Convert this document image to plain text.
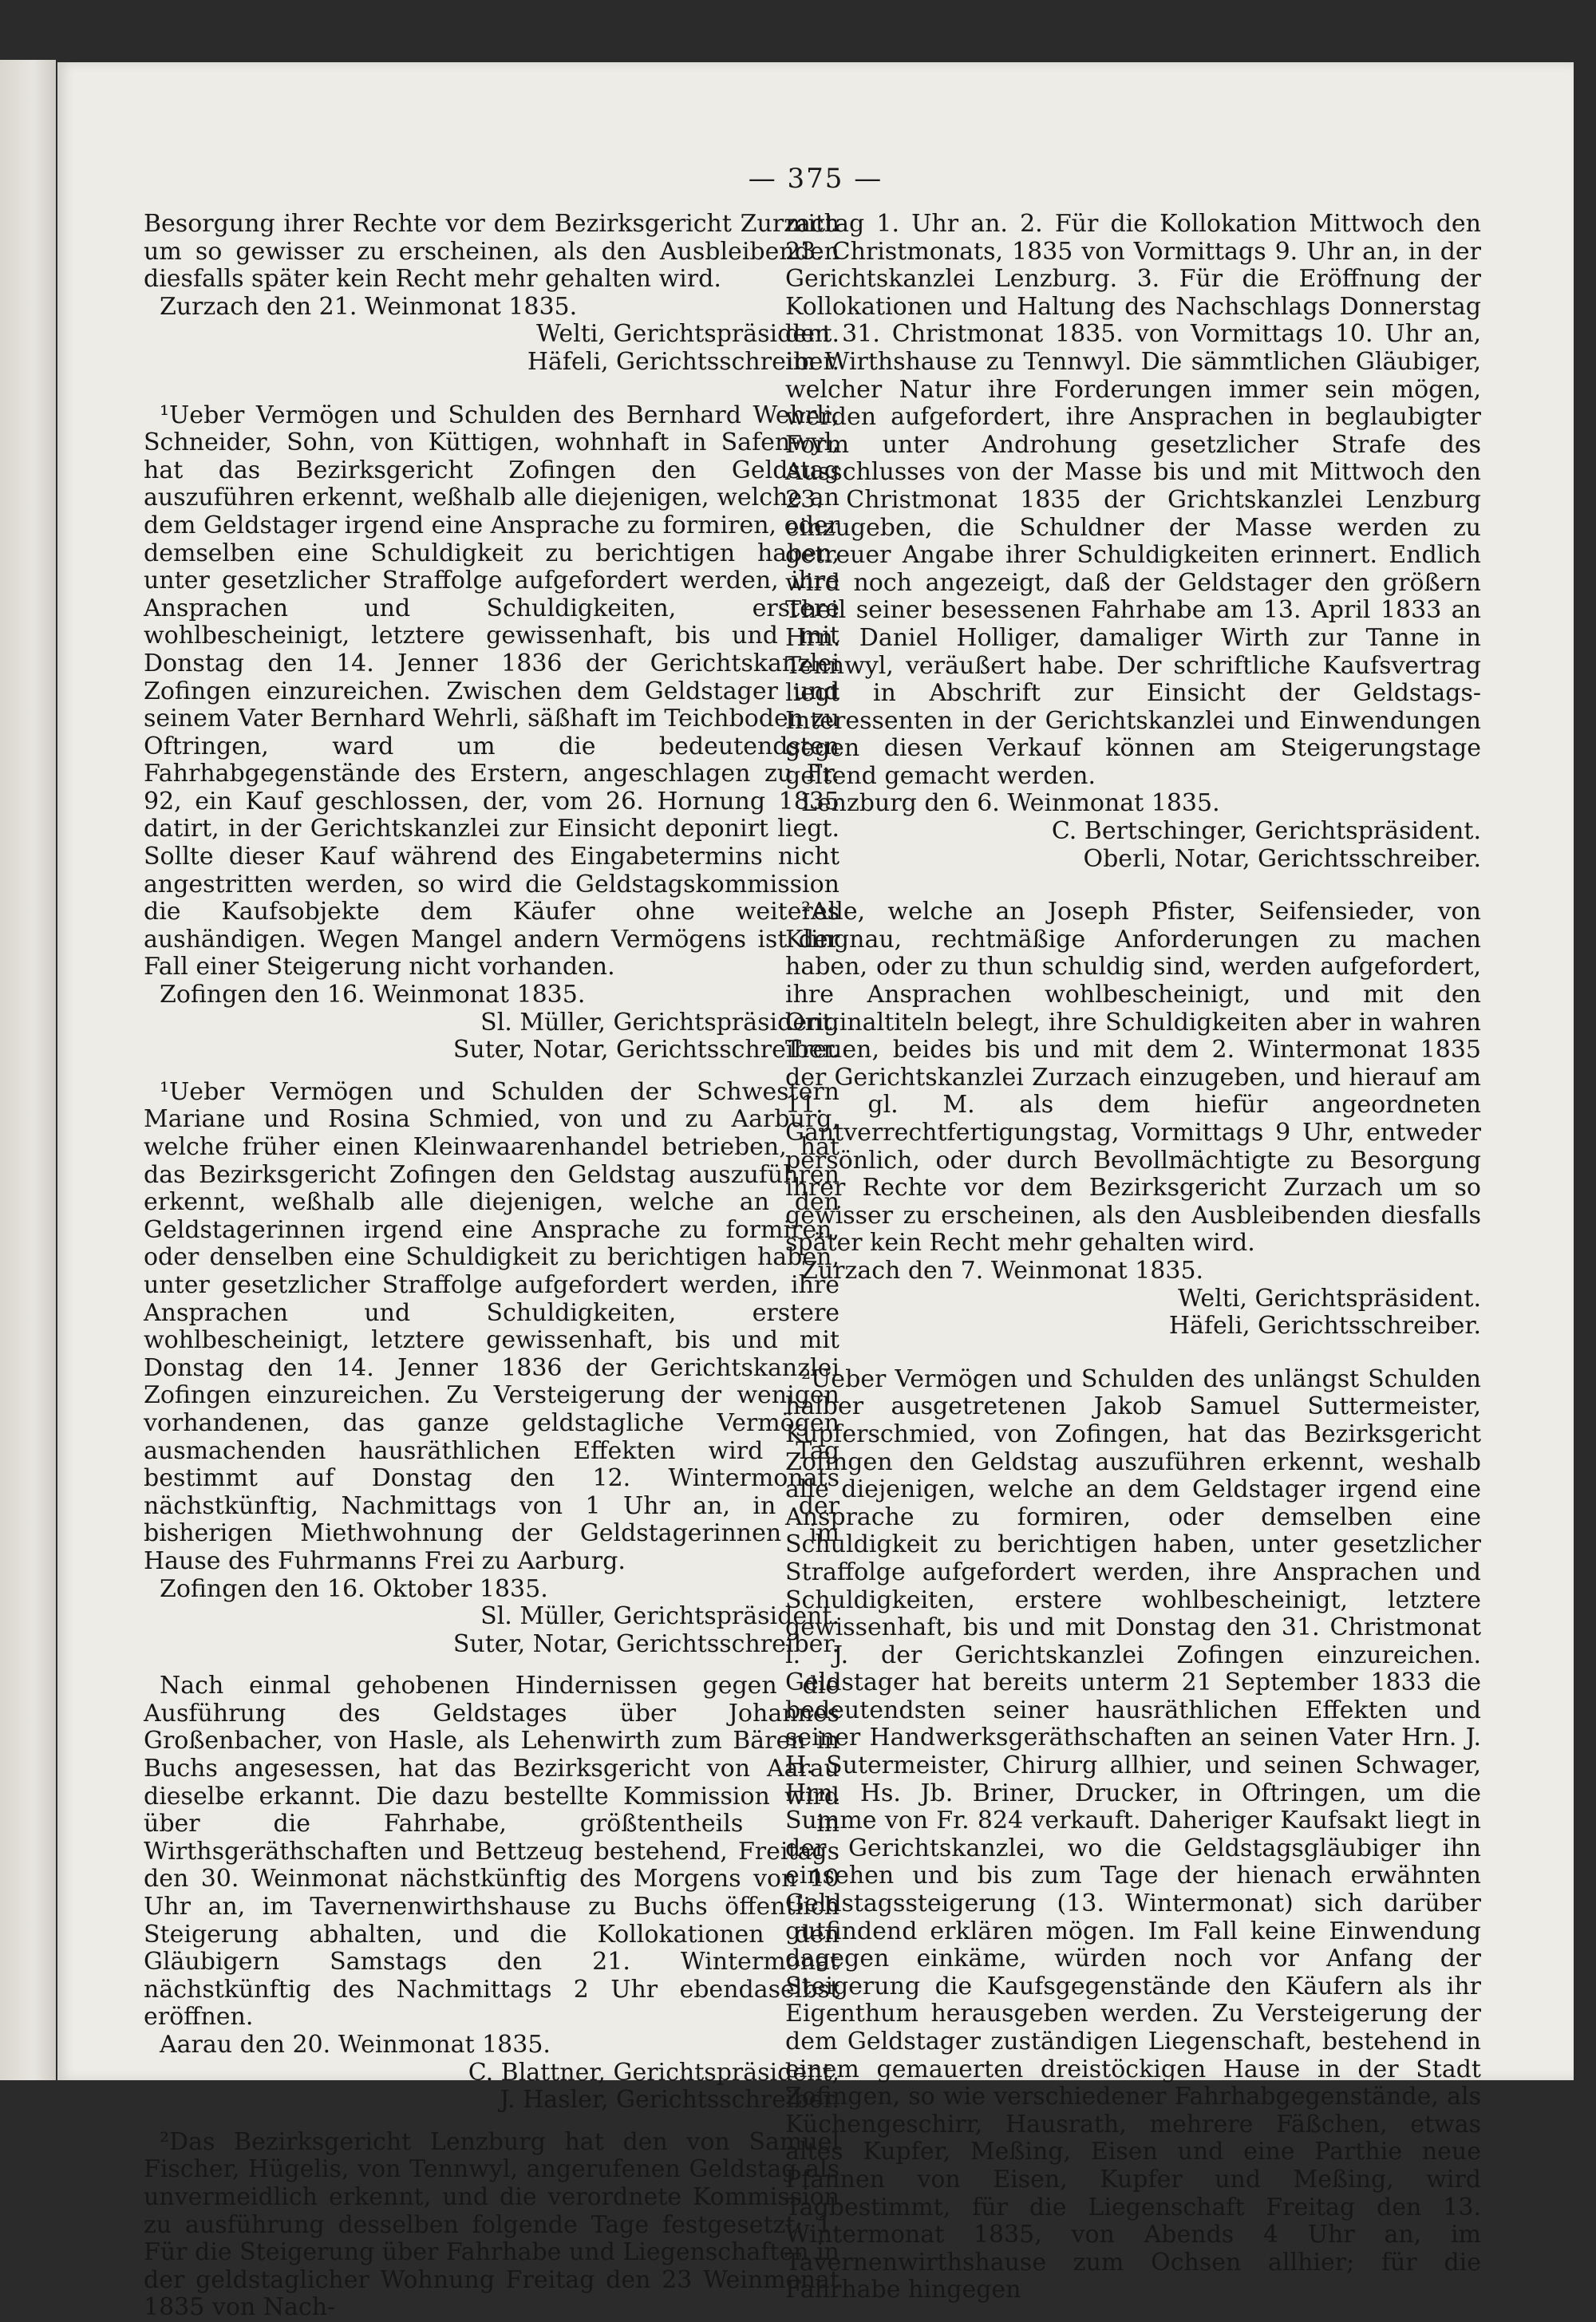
— 375 —

Besorgung ihrer Rechte vor dem Bezirksgericht Zurzach um so gewisser zu erscheinen, als den Ausbleibenden diesfalls später kein Recht mehr gehalten wird.

Zurzach den 21. Weinmonat 1835.

Welti, Gerichtspräsident.

Häfeli, Gerichtsschreiber.

¹Ueber Vermögen und Schulden des Bernhard Wehrli, Schneider, Sohn, von Küttigen, wohnhaft in Safenwyl, hat das Bezirksgericht Zofingen den Geldstag auszuführen erkennt, weßhalb alle diejenigen, welche an dem Geldstager irgend eine Ansprache zu formiren, oder demselben eine Schuldigkeit zu berichtigen haben, unter gesetzlicher Straffolge aufgefordert werden, ihre Ansprachen und Schuldigkeiten, erstere wohlbescheinigt, letztere gewissenhaft, bis und mit Donstag den 14. Jenner 1836 der Gerichtskanzlei Zofingen einzureichen. Zwischen dem Geldstager und seinem Vater Bernhard Wehrli, säßhaft im Teichboden zu Oftringen, ward um die bedeutendsten Fahrhabgegenstände des Erstern, angeschlagen zu Fr. 92, ein Kauf geschlossen, der, vom 26. Hornung 1835 datirt, in der Gerichtskanzlei zur Einsicht deponirt liegt. Sollte dieser Kauf während des Eingabetermins nicht angestritten werden, so wird die Geldstagskommission die Kaufsobjekte dem Käufer ohne weiteres aushändigen. Wegen Mangel andern Vermögens ist der Fall einer Steigerung nicht vorhanden.

Zofingen den 16. Weinmonat 1835.

Sl. Müller, Gerichtspräsident.

Suter, Notar, Gerichtsschreiber.

¹Ueber Vermögen und Schulden der Schwestern Mariane und Rosina Schmied, von und zu Aarburg, welche früher einen Kleinwaarenhandel betrieben, hat das Bezirksgericht Zofingen den Geldstag auszuführen erkennt, weßhalb alle diejenigen, welche an den Geldstagerinnen irgend eine Ansprache zu formiren, oder denselben eine Schuldigkeit zu berichtigen haben, unter gesetzlicher Straffolge aufgefordert werden, ihre Ansprachen und Schuldigkeiten, erstere wohlbescheinigt, letztere gewissenhaft, bis und mit Donstag den 14. Jenner 1836 der Gerichtskanzlei Zofingen einzureichen. Zu Versteigerung der wenigen vorhandenen, das ganze geldstagliche Vermögen ausmachenden hausräthlichen Effekten wird Tag bestimmt auf Donstag den 12. Wintermonats nächstkünftig, Nachmittags von 1 Uhr an, in der bisherigen Miethwohnung der Geldstagerinnen im Hause des Fuhrmanns Frei zu Aarburg.

Zofingen den 16. Oktober 1835.

Sl. Müller, Gerichtspräsident.

Suter, Notar, Gerichtsschreiber.

Nach einmal gehobenen Hindernissen gegen die Ausführung des Geldstages über Johannes Großenbacher, von Hasle, als Lehenwirth zum Bären in Buchs angesessen, hat das Bezirksgericht von Aarau dieselbe erkannt. Die dazu bestellte Kommission wird über die Fahrhabe, größtentheils in Wirthsgeräthschaften und Bettzeug bestehend, Freitags den 30. Weinmonat nächstkünftig des Morgens von 10 Uhr an, im Tavernenwirthshause zu Buchs öffentlich Steigerung abhalten, und die Kollokationen den Gläubigern Samstags den 21. Wintermonat nächstkünftig des Nachmittags 2 Uhr ebendaselbst eröffnen.

Aarau den 20. Weinmonat 1835.

C. Blattner, Gerichtspräsident,

J. Hasler, Gerichtsschreiber.

²Das Bezirksgericht Lenzburg hat den von Samuel Fischer, Hügelis, von Tennwyl, angerufenen Geldstag als unvermeidlich erkennt, und die verordnete Kommission zu ausführung desselben folgende Tage festgesetzt: 1. Für die Steigerung über Fahrhabe und Liegenschaften in der geldstaglicher Wohnung Freitag den 23 Weinmonat 1835 von Nach-

mittag 1. Uhr an. 2. Für die Kollokation Mittwoch den 23. Christmonats, 1835 von Vormittags 9. Uhr an, in der Gerichtskanzlei Lenzburg. 3. Für die Eröffnung der Kollokationen und Haltung des Nachschlags Donnerstag den 31. Christmonat 1835. von Vormittags 10. Uhr an, im Wirthshause zu Tennwyl. Die sämmtlichen Gläubiger, welcher Natur ihre Forderungen immer sein mögen, werden aufgefordert, ihre Ansprachen in beglaubigter Form unter Androhung gesetzlicher Strafe des Ausschlusses von der Masse bis und mit Mittwoch den 23. Christmonat 1835 der Grichtskanzlei Lenzburg einzugeben, die Schuldner der Masse werden zu getreuer Angabe ihrer Schuldigkeiten erinnert. Endlich wird noch angezeigt, daß der Geldstager den größern Theil seiner besessenen Fahrhabe am 13. April 1833 an Hrn. Daniel Holliger, damaliger Wirth zur Tanne in Tennwyl, veräußert habe. Der schriftliche Kaufsvertrag liegt in Abschrift zur Einsicht der Geldstags-Interessenten in der Gerichtskanzlei und Einwendungen gegen diesen Verkauf können am Steigerungstage geltend gemacht werden.

Lenzburg den 6. Weinmonat 1835.

C. Bertschinger, Gerichtspräsident.

Oberli, Notar, Gerichtsschreiber.

²Alle, welche an Joseph Pfister, Seifensieder, von Klingnau, rechtmäßige Anforderungen zu machen haben, oder zu thun schuldig sind, werden aufgefordert, ihre Ansprachen wohlbescheinigt, und mit den Originaltiteln belegt, ihre Schuldigkeiten aber in wahren Treuen, beides bis und mit dem 2. Wintermonat 1835 der Gerichtskanzlei Zurzach einzugeben, und hierauf am 11. gl. M. als dem hiefür angeordneten Gantverrechtfertigungstag, Vormittags 9 Uhr, entweder persönlich, oder durch Bevollmächtigte zu Besorgung ihrer Rechte vor dem Bezirksgericht Zurzach um so gewisser zu erscheinen, als den Ausbleibenden diesfalls später kein Recht mehr gehalten wird.

Zurzach den 7. Weinmonat 1835.

Welti, Gerichtspräsident.

Häfeli, Gerichtsschreiber.

²Ueber Vermögen und Schulden des unlängst Schulden halber ausgetretenen Jakob Samuel Suttermeister, Kupferschmied, von Zofingen, hat das Bezirksgericht Zofingen den Geldstag auszuführen erkennt, weshalb alle diejenigen, welche an dem Geldstager irgend eine Ansprache zu formiren, oder demselben eine Schuldigkeit zu berichtigen haben, unter gesetzlicher Straffolge aufgefordert werden, ihre Ansprachen und Schuldigkeiten, erstere wohlbescheinigt, letztere gewissenhaft, bis und mit Donstag den 31. Christmonat l. J. der Gerichtskanzlei Zofingen einzureichen. Geldstager hat bereits unterm 21 September 1833 die bedeutendsten seiner hausräthlichen Effekten und seiner Handwerksgeräthschaften an seinen Vater Hrn. J. H. Sutermeister, Chirurg allhier, und seinen Schwager, Hrn. Hs. Jb. Briner, Drucker, in Oftringen, um die Summe von Fr. 824 verkauft. Daheriger Kaufsakt liegt in der Gerichtskanzlei, wo die Geldstagsgläubiger ihn einsehen und bis zum Tage der hienach erwähnten Geldstagssteigerung (13. Wintermonat) sich darüber gutfindend erklären mögen. Im Fall keine Einwendung dagegen einkäme, würden noch vor Anfang der Steigerung die Kaufsgegenstände den Käufern als ihr Eigenthum herausgeben werden. Zu Versteigerung der dem Geldstager zuständigen Liegenschaft, bestehend in einem gemauerten dreistöckigen Hause in der Stadt Zofingen, so wie verschiedener Fahrhabgegenstände, als Küchengeschirr, Hausrath, mehrere Fäßchen, etwas altes Kupfer, Meßing, Eisen und eine Parthie neue Pfannen von Eisen, Kupfer und Meßing, wird Tagbestimmt, für die Liegenschaft Freitag den 13. Wintermonat 1835, von Abends 4 Uhr an, im Tavernenwirthshause zum Ochsen allhier; für die Fahrhabe hingegen
